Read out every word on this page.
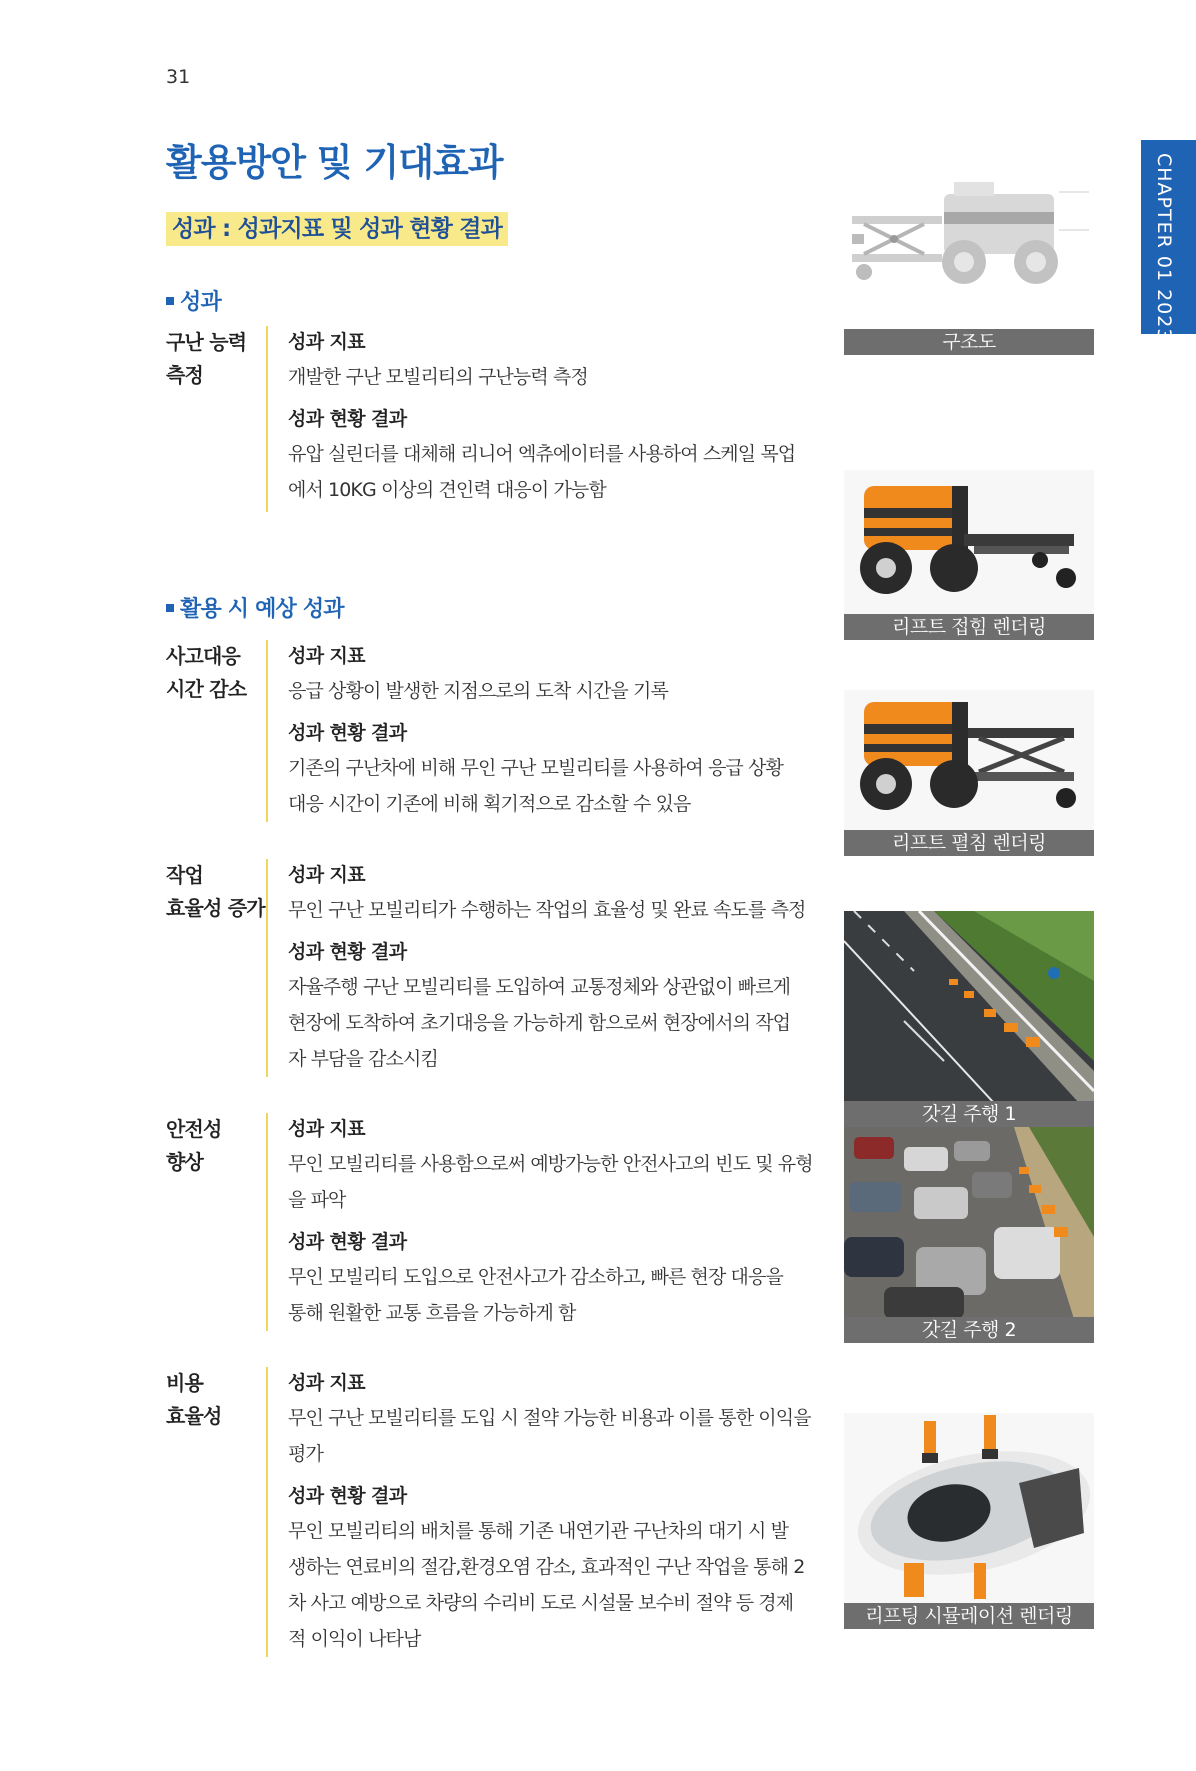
31
활용방안 및 기대효과
성과 : 성과지표 및 성과 현황 결과	CHAPTER 01 2023
성과
활용 시 예상 성과
구난 능력
측정

성과 지표

개발한 구난 모빌리티의 구난능력 측정

성과 현황 결과

유압 실린더를 대체해 리니어 엑츄에이터를 사용하여 스케일 목업
에서 10KG 이상의 견인력 대응이 가능함

사고대응
시간 감소

성과 지표

응급 상황이 발생한 지점으로의 도착 시간을 기록

성과 현황 결과

기존의 구난차에 비해 무인 구난 모빌리티를 사용하여 응급 상황
대응 시간이 기존에 비해 획기적으로 감소할 수 있음

작업
효율성 증가

성과 지표

무인 구난 모빌리티가 수행하는 작업의 효율성 및 완료 속도를 측정

성과 현황 결과

자율주행 구난 모빌리티를 도입하여 교통정체와 상관없이 빠르게
현장에 도착하여 초기대응을 가능하게 함으로써 현장에서의 작업
자 부담을 감소시킴

안전성
향상

성과 지표

무인 모빌리티를 사용함으로써 예방가능한 안전사고의 빈도 및 유형
을 파악

성과 현황 결과

무인 모빌리티 도입으로 안전사고가 감소하고, 빠른 현장 대응을
통해 원활한 교통 흐름을 가능하게 함

비용
효율성

성과 지표

무인 구난 모빌리티를 도입 시 절약 가능한 비용과 이를 통한 이익을
평가

성과 현황 결과

무인 모빌리티의 배치를 통해 기존 내연기관 구난차의 대기 시 발
생하는 연료비의 절감,환경오염 감소, 효과적인 구난 작업을 통해 2
차 사고 예방으로 차량의 수리비 도로 시설물 보수비 절약 등 경제
적 이익이 나타남

구조도
리프트 접힘 렌더링
리프트 펼침 렌더링
갓길 주행 1
갓길 주행 2
리프팅 시뮬레이션 렌더링
